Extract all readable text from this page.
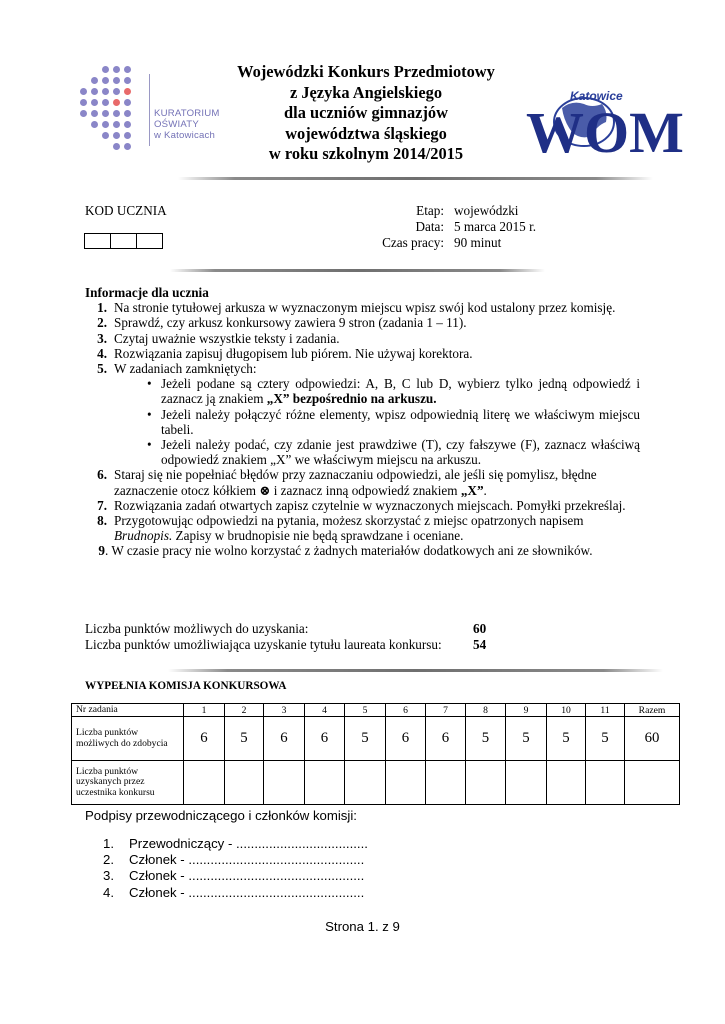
KURATORIUM
OŚWIATY
w Katowicach
Wojewódzki Konkurs Przedmiotowy
z Języka Angielskiego
dla uczniów gimnazjów
województwa śląskiego
w roku szkolnym 2014/2015	WOM
Katowice
KOD UCZNIA	Etap: wojewódzki
Data: 5 marca 2015 r.
Czas pracy: 90 minut
Informacje dla ucznia
1. Na stronie tytułowej arkusza w wyznaczonym miejscu wpisz swój kod ustalony przez komisję.
2. Sprawdź, czy arkusz konkursowy zawiera 9 stron (zadania 1 – 11).
3. Czytaj uważnie wszystkie teksty i zadania.
4. Rozwiązania zapisuj długopisem lub piórem. Nie używaj korektora.
5. W zadaniach zamkniętych:
• Jeżeli podane są cztery odpowiedzi: A, B, C lub D, wybierz tylko jedną odpowiedź i zaznacz ją znakiem „X” bezpośrednio na arkuszu.
• Jeżeli należy połączyć różne elementy, wpisz odpowiednią literę we właściwym miejscu tabeli.
• Jeżeli należy podać, czy zdanie jest prawdziwe (T), czy fałszywe (F), zaznacz właściwą odpowiedź znakiem „X” we właściwym miejscu na arkuszu.
6. Staraj się nie popełniać błędów przy zaznaczaniu odpowiedzi, ale jeśli się pomylisz, błędne zaznaczenie otocz kółkiem ⊗ i zaznacz inną odpowiedź znakiem „X”.
7. Rozwiązania zadań otwartych zapisz czytelnie w wyznaczonych miejscach. Pomyłki przekreślaj.
8. Przygotowując odpowiedzi na pytania, możesz skorzystać z miejsc opatrzonych napisem Brudnopis. Zapisy w brudnopisie nie będą sprawdzane i oceniane.
9 . W czasie pracy nie wolno korzystać z żadnych materiałów dodatkowych ani ze słowników.
Liczba punktów możliwych do uzyskania:	60
Liczba punktów umożliwiająca uzyskanie tytułu laureata konkursu:	54
WYPEŁNIA KOMISJA KONKURSOWA
Nr zadania	1	2	3	4	5	6	7	8	9	10	11	Razem
Liczba punktów możliwych do zdobycia	6	5	6	6	5	6	6	5	5	5	5	60
Liczba punktów uzyskanych przez uczestnika konkursu												
Podpisy przewodniczącego i członków komisji:
1.	Przewodniczący - ....................................
2.	Członek - ................................................
3.	Członek - ................................................
4.	Członek - ................................................
Strona 1. z 9
